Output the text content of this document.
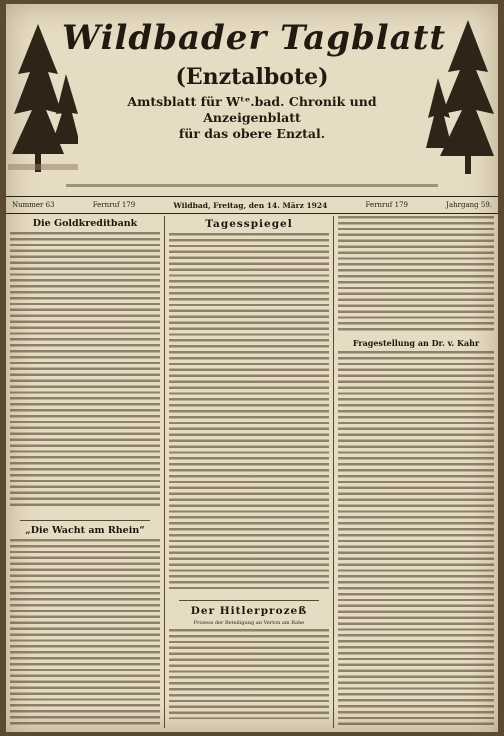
Wildbader Tagblatt
(Enztalbote)
Amtsblatt für Wᵗᵉ.bad. Chronik und Anzeigenblatt
für das obere Enztal.
Nummer 63	Fernruf 179	Wildbad, Freitag, den 14. März 1924	Fernruf 179	Jahrgang 59.
Die Goldkreditbank
„Die Wacht am Rhein“
Tagesspiegel
Der Hitlerprozeß
Prozess der Beteiligung an Verton am Rahe
Fragestellung an Dr. v. Kahr
